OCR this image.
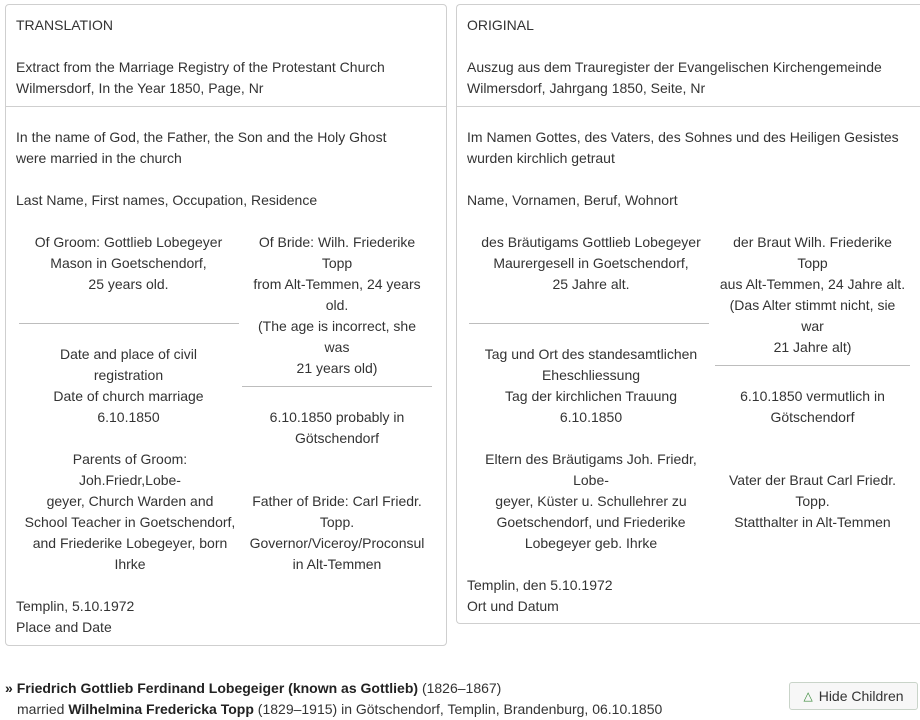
TRANSLATION
Extract from the Marriage Registry of the Protestant Church
Wilmersdorf, In the Year 1850, Page, Nr
In the name of God, the Father, the Son and the Holy Ghost
were married in the church
Last Name, First names, Occupation, Residence
Of Groom: Gottlieb Lobegeyer
Mason in Goetschendorf,
25 years old.
Of Bride: Wilh. Friederike
Topp
from Alt-Temmen, 24 years
old.
(The age is incorrect, she
was
21 years old)
Date and place of civil
registration
Date of church marriage
6.10.1850	6.10.1850 probably in
Götschendorf
Parents of Groom:
Joh.Friedr,Lobe-
geyer, Church Warden and
School Teacher in Goetschendorf,
and Friederike Lobegeyer, born
Ihrke
Father of Bride: Carl Friedr.
Topp.
Governor/Viceroy/Proconsul
in Alt-Temmen
Templin, 5.10.1972
Place and Date
ORIGINAL
Auszug aus dem Trauregister der Evangelischen Kirchengemeinde
Wilmersdorf, Jahrgang 1850, Seite, Nr
Im Namen Gottes, des Vaters, des Sohnes und des Heiligen Gesistes
wurden kirchlich getraut
Name, Vornamen, Beruf, Wohnort
des Bräutigams Gottlieb Lobegeyer
Maurergesell in Goetschendorf,
25 Jahre alt.
der Braut Wilh. Friederike
Topp
aus Alt-Temmen, 24 Jahre alt.
(Das Alter stimmt nicht, sie
war
21 Jahre alt)
Tag und Ort des standesamtlichen
Eheschliessung
Tag der kirchlichen Trauung
6.10.1850
6.10.1850 vermutlich in
Götschendorf
Eltern des Bräutigams Joh. Friedr,
Lobe-
geyer, Küster u. Schullehrer zu
Goetschendorf, und Friederike
Lobegeyer geb. Ihrke
Vater der Braut Carl Friedr.
Topp.
Statthalter in Alt-Temmen
Templin, den 5.10.1972
Ort und Datum
» Friedrich Gottlieb Ferdinand Lobegeiger (known as Gottlieb) (1826–1867)
married Wilhelmina Fredericka Topp (1829–1915) in Götschendorf, Templin, Brandenburg, 06.10.1850
△ Hide Children
